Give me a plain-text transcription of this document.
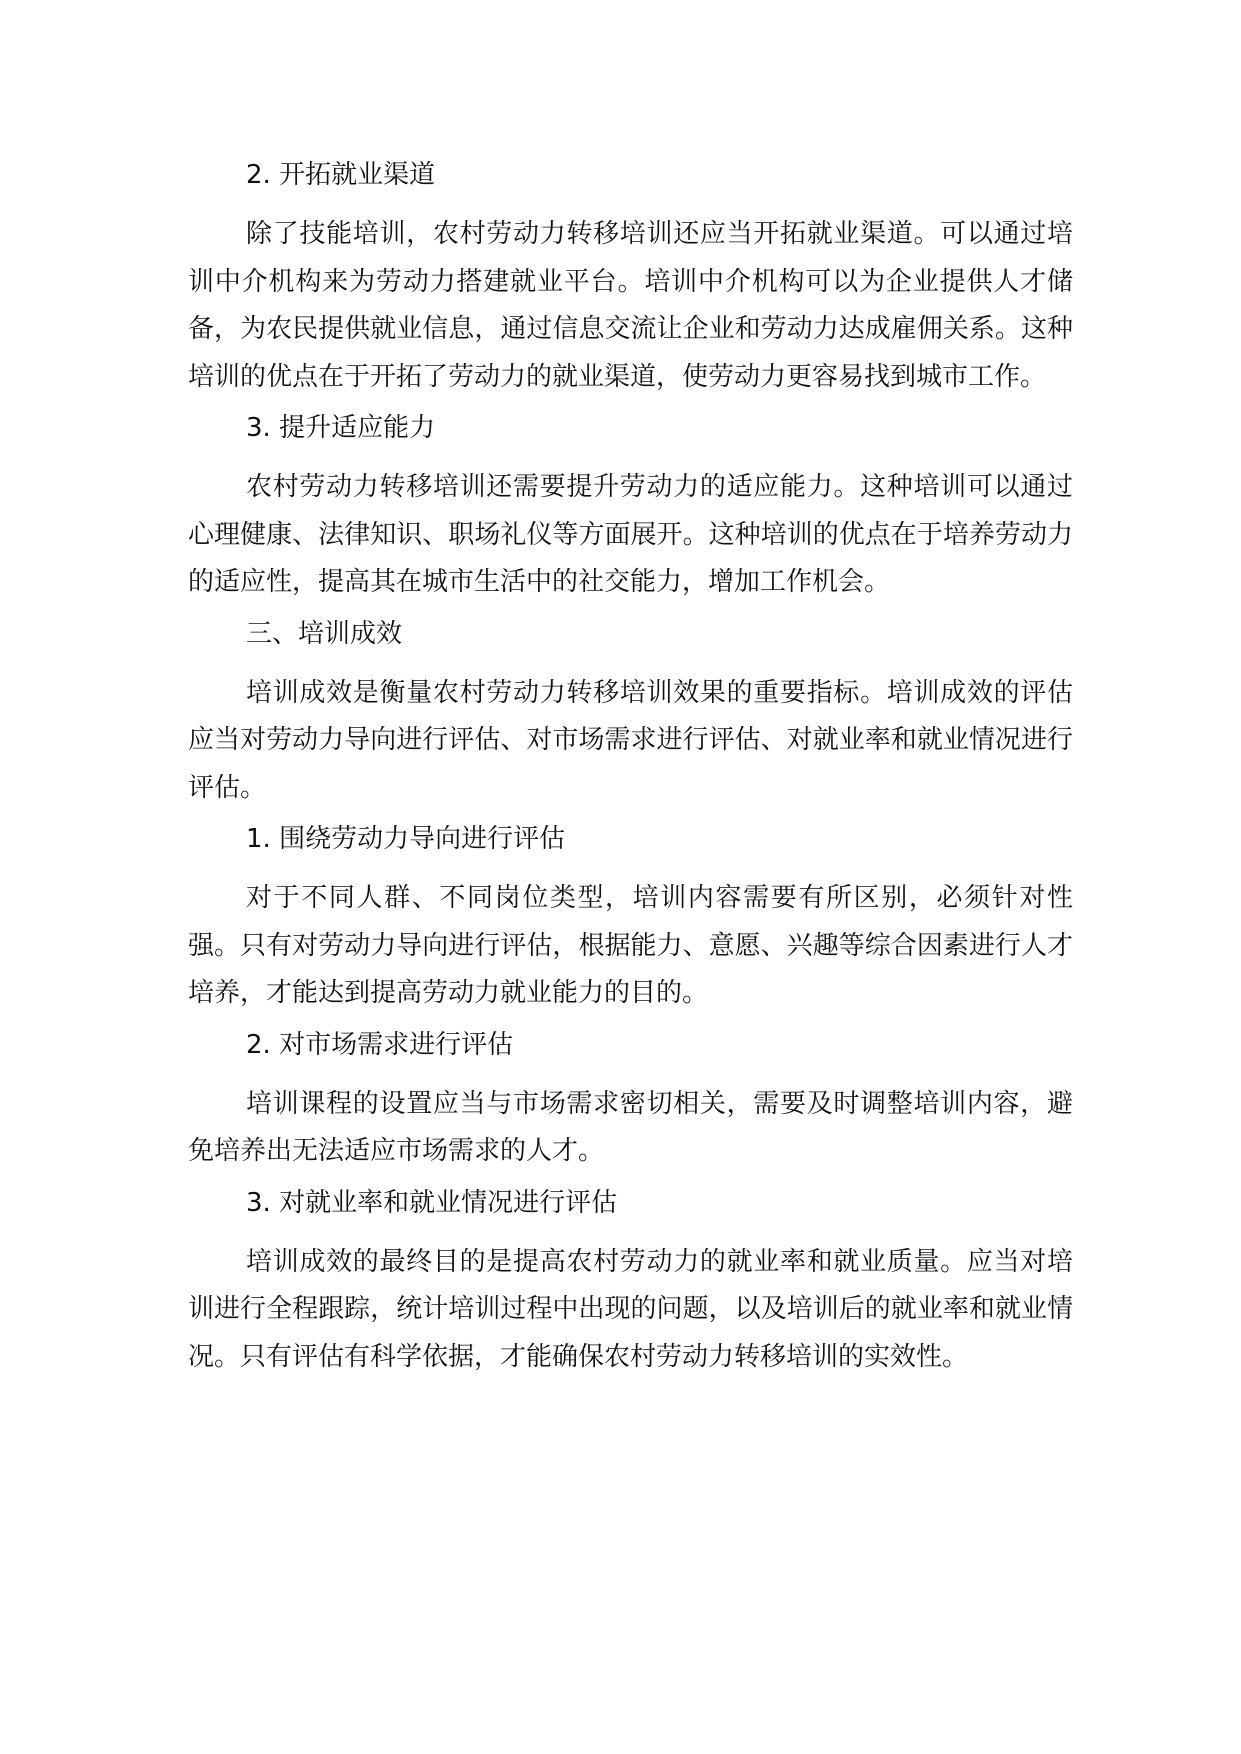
2. 开拓就业渠道

除了技能培训，农村劳动力转移培训还应当开拓就业渠道。可以通过培训中介机构来为劳动力搭建就业平台。培训中介机构可以为企业提供人才储备，为农民提供就业信息，通过信息交流让企业和劳动力达成雇佣关系。这种培训的优点在于开拓了劳动力的就业渠道，使劳动力更容易找到城市工作。

3. 提升适应能力

农村劳动力转移培训还需要提升劳动力的适应能力。这种培训可以通过心理健康、法律知识、职场礼仪等方面展开。这种培训的优点在于培养劳动力的适应性，提高其在城市生活中的社交能力，增加工作机会。

三、培训成效

培训成效是衡量农村劳动力转移培训效果的重要指标。培训成效的评估应当对劳动力导向进行评估、对市场需求进行评估、对就业率和就业情况进行评估。

1. 围绕劳动力导向进行评估

对于不同人群、不同岗位类型，培训内容需要有所区别，必须针对性强。只有对劳动力导向进行评估，根据能力、意愿、兴趣等综合因素进行人才培养，才能达到提高劳动力就业能力的目的。

2. 对市场需求进行评估

培训课程的设置应当与市场需求密切相关，需要及时调整培训内容，避免培养出无法适应市场需求的人才。

3. 对就业率和就业情况进行评估

培训成效的最终目的是提高农村劳动力的就业率和就业质量。应当对培训进行全程跟踪，统计培训过程中出现的问题，以及培训后的就业率和就业情况。只有评估有科学依据，才能确保农村劳动力转移培训的实效性。
